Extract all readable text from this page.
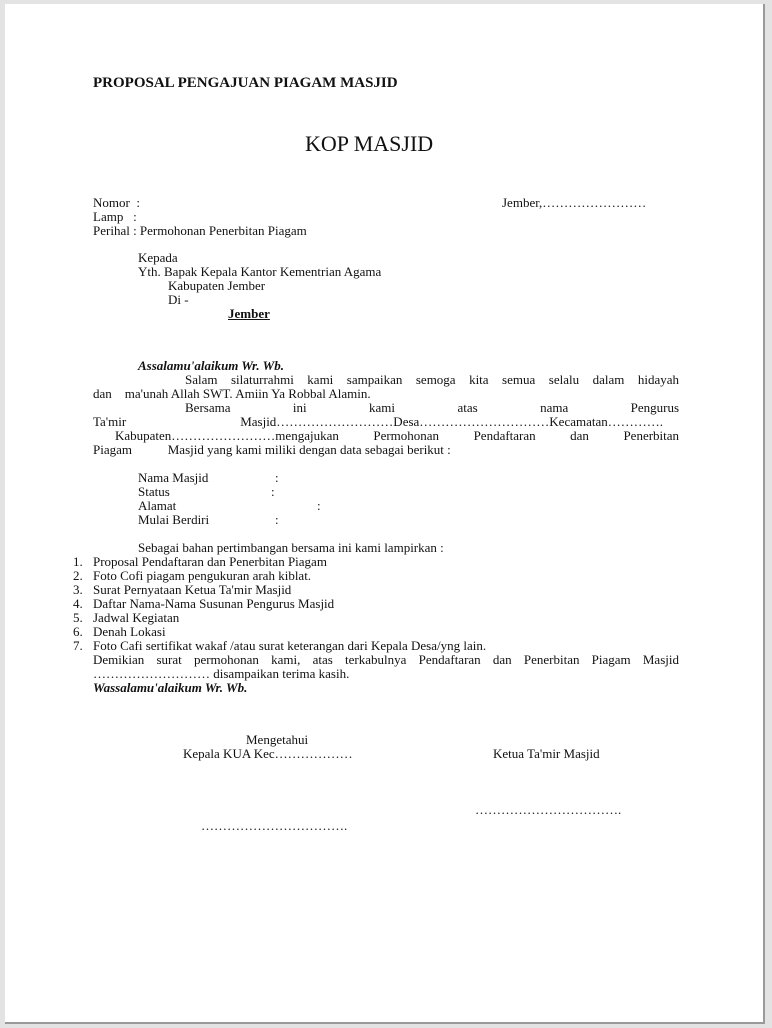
PROPOSAL PENGAJUAN PIAGAM MASJID
KOP MASJID
Nomor  :	Jember,……………………
Lamp   :
Perihal : Permohonan Penerbitan Piagam
Kepada
Yth. Bapak Kepala Kantor Kementrian Agama
Kabupaten Jember
Di -
Jember
Assalamu'alaikum Wr. Wb.
Salam silaturrahmi kami sampaikan semoga kita semua selalu dalam hidayah
dan    ma'unah Allah SWT. Amiin Ya Robbal Alamin.
Bersama	ini	kami	atas	nama	Pengurus
Ta'mir	Masjid………………………Desa…………………………Kecamatan………….
Kabupaten……………………mengajukan	Permohonan	Pendaftaran	dan	Penerbitan
Piagam           Masjid yang kami miliki dengan data sebagai berikut :

Nama Masjid

	:

Status

	:

Alamat

	:

Mulai Berdiri

	:

Sebagai bahan pertimbangan bersama ini kami lampirkan :

1.

Proposal Pendaftaran dan Penerbitan Piagam

2.

Foto Cofi piagam pengukuran arah kiblat.

3.

Surat Pernyataan Ketua Ta'mir Masjid

4.

Daftar Nama-Nama Susunan Pengurus Masjid

5.

Jadwal Kegiatan

6.

Denah Lokasi

7.

Foto Cafi sertifikat wakaf /atau surat keterangan dari Kepala Desa/yng lain.

Demikian surat permohonan kami, atas terkabulnya Pendaftaran dan Penerbitan Piagam Masjid
……………………… disampaikan terima kasih.
Wassalamu'alaikum Wr. Wb.
Mengetahui
Kepala KUA Kec………………	Ketua Ta'mir Masjid
…………………………….
…………………………….
